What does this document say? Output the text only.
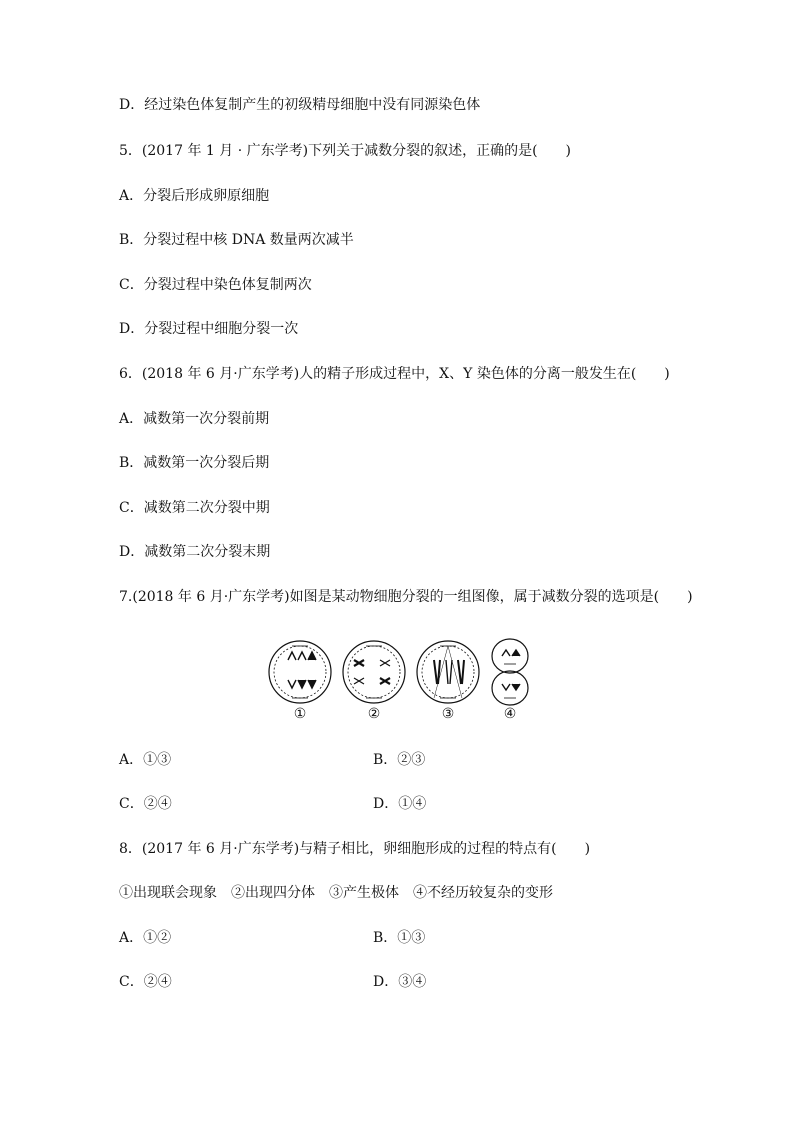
D．经过染色体复制产生的初级精母细胞中没有同源染色体
5．(2017 年 1 月 · 广东学考)下列关于减数分裂的叙述，正确的是(　　)
A．分裂后形成卵原细胞
B．分裂过程中核 DNA 数量两次减半
C．分裂过程中染色体复制两次
D．分裂过程中细胞分裂一次
6．(2018 年 6 月·广东学考)人的精子形成过程中，X、Y 染色体的分离一般发生在(　　)
A．减数第一次分裂前期
B．减数第一次分裂后期
C．减数第二次分裂中期
D．减数第二次分裂末期
7.(2018 年 6 月·广东学考)如图是某动物细胞分裂的一组图像，属于减数分裂的选项是(　　)
①	②	③	④
A．①③	B．②③
C．②④	D．①④
8．(2017 年 6 月·广东学考)与精子相比，卵细胞形成的过程的特点有(　　)
①出现联会现象　②出现四分体　③产生极体　④不经历较复杂的变形
A．①②	B．①③
C．②④	D．③④
